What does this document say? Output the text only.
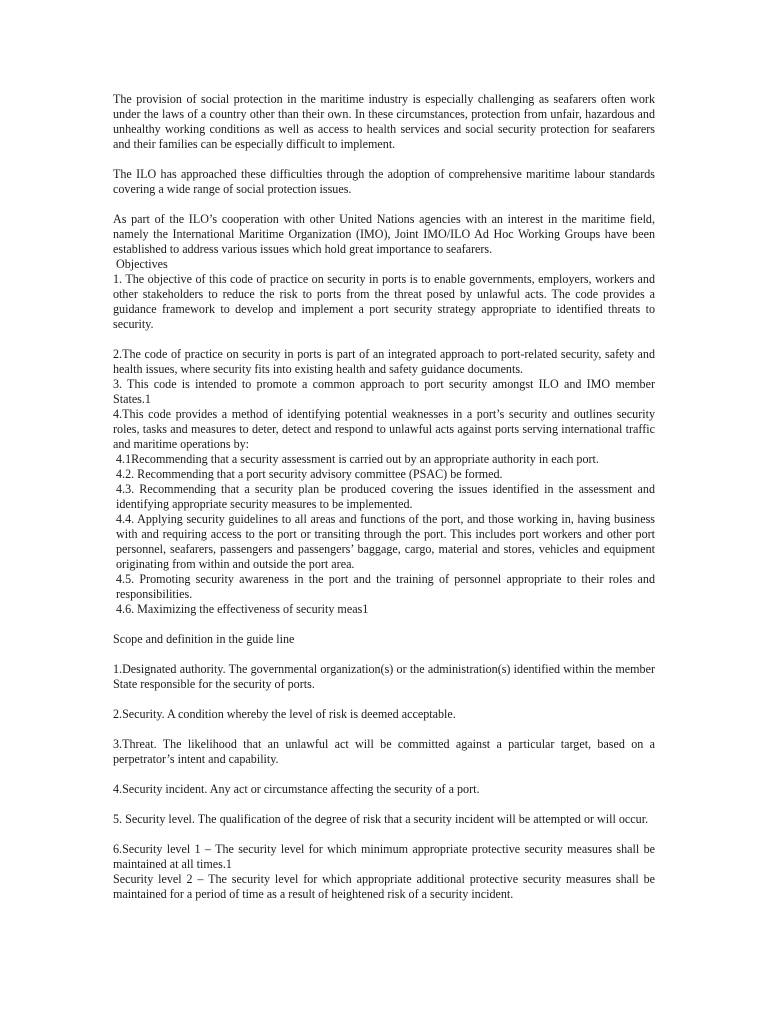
The provision of social protection in the maritime industry is especially challenging as seafarers often work under the laws of a country other than their own. In these circumstances, protection from unfair, hazardous and unhealthy working conditions as well as access to health services and social security protection for seafarers and their families can be especially difficult to implement.

The ILO has approached these difficulties through the adoption of comprehensive maritime labour standards covering a wide range of social protection issues.

As part of the ILO’s cooperation with other United Nations agencies with an interest in the maritime field, namely the International Maritime Organization (IMO), Joint IMO/ILO Ad Hoc Working Groups have been established to address various issues which hold great importance to seafarers.

Objectives

1. The objective of this code of practice on security in ports is to enable governments, employers, workers and other stakeholders to reduce the risk to ports from the threat posed by unlawful acts. The code provides a guidance framework to develop and implement a port security strategy appropriate to identified threats to security.

2.The code of practice on security in ports is part of an integrated approach to port-related security, safety and health issues, where security fits into existing health and safety guidance documents.

3. This code is intended to promote a common approach to port security amongst ILO and IMO member States.1

4.This code provides a method of identifying potential weaknesses in a port’s security and outlines security roles, tasks and measures to deter, detect and respond to unlawful acts against ports serving international traffic and maritime operations by:

4.1Recommending that a security assessment is carried out by an appropriate authority in each port.

4.2. Recommending that a port security advisory committee (PSAC) be formed.

4.3. Recommending that a security plan be produced covering the issues identified in the assessment and identifying appropriate security measures to be implemented.

4.4. Applying security guidelines to all areas and functions of the port, and those working in, having business with and requiring access to the port or transiting through the port. This includes port workers and other port personnel, seafarers, passengers and passengers’ baggage, cargo, material and stores, vehicles and equipment originating from within and outside the port area.

4.5. Promoting security awareness in the port and the training of personnel appropriate to their roles and responsibilities.

4.6. Maximizing the effectiveness of security meas1

Scope and definition in the guide line

1.Designated authority. The governmental organization(s) or the administration(s) identified within the member State responsible for the security of ports.

2.Security. A condition whereby the level of risk is deemed acceptable.

3.Threat. The likelihood that an unlawful act will be committed against a particular target, based on a perpetrator’s intent and capability.

4.Security incident. Any act or circumstance affecting the security of a port.

5. Security level. The qualification of the degree of risk that a security incident will be attempted or will occur.

6.Security level 1 – The security level for which minimum appropriate protective security measures shall be maintained at all times.1

Security level 2 – The security level for which appropriate additional protective security measures shall be maintained for a period of time as a result of heightened risk of a security incident.
